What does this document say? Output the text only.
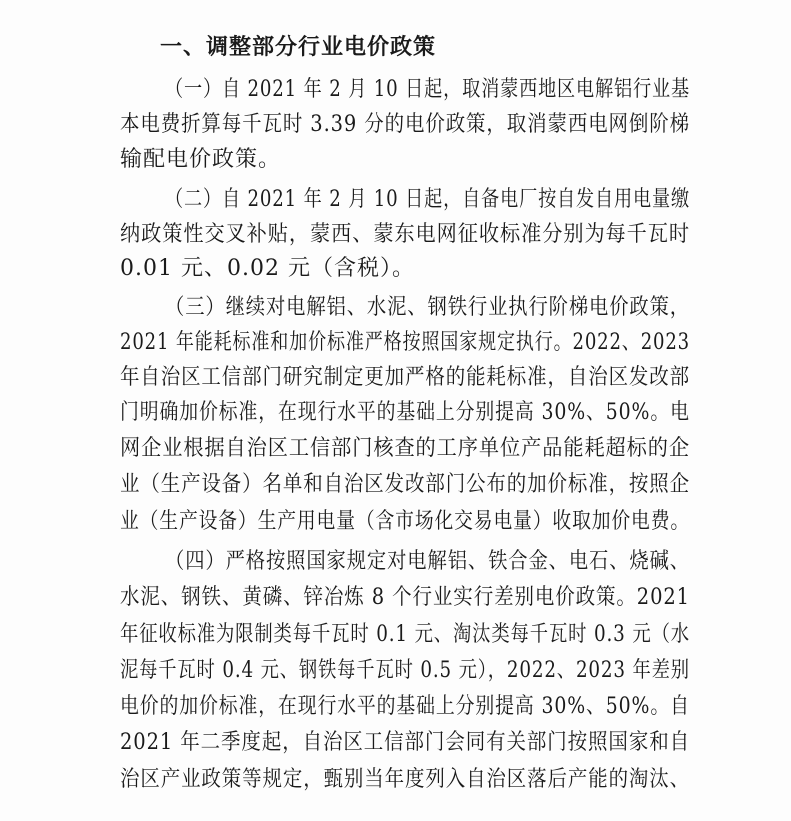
一、调整部分行业电价政策

（一）自 2021 年 2 月 10 日起，取消蒙西地区电解铝行业基

本电费折算每千瓦时 3.39 分的电价政策，取消蒙西电网倒阶梯

输配电价政策。

（二）自 2021 年 2 月 10 日起，自备电厂按自发自用电量缴

纳政策性交叉补贴，蒙西、蒙东电网征收标准分别为每千瓦时

0.01 元、0.02 元（含税）。

（三）继续对电解铝、水泥、钢铁行业执行阶梯电价政策，

2021 年能耗标准和加价标准严格按照国家规定执行。2022、2023

年自治区工信部门研究制定更加严格的能耗标准，自治区发改部

门明确加价标准，在现行水平的基础上分别提高 30%、50%。电

网企业根据自治区工信部门核查的工序单位产品能耗超标的企

业（生产设备）名单和自治区发改部门公布的加价标准，按照企

业（生产设备）生产用电量（含市场化交易电量）收取加价电费。

（四）严格按照国家规定对电解铝、铁合金、电石、烧碱、

水泥、钢铁、黄磷、锌冶炼 8 个行业实行差别电价政策。2021

年征收标准为限制类每千瓦时 0.1 元、淘汰类每千瓦时 0.3 元（水

泥每千瓦时 0.4 元、钢铁每千瓦时 0.5 元），2022、2023 年差别

电价的加价标准，在现行水平的基础上分别提高 30%、50%。自

2021 年二季度起，自治区工信部门会同有关部门按照国家和自

治区产业政策等规定，甄别当年度列入自治区落后产能的淘汰、
